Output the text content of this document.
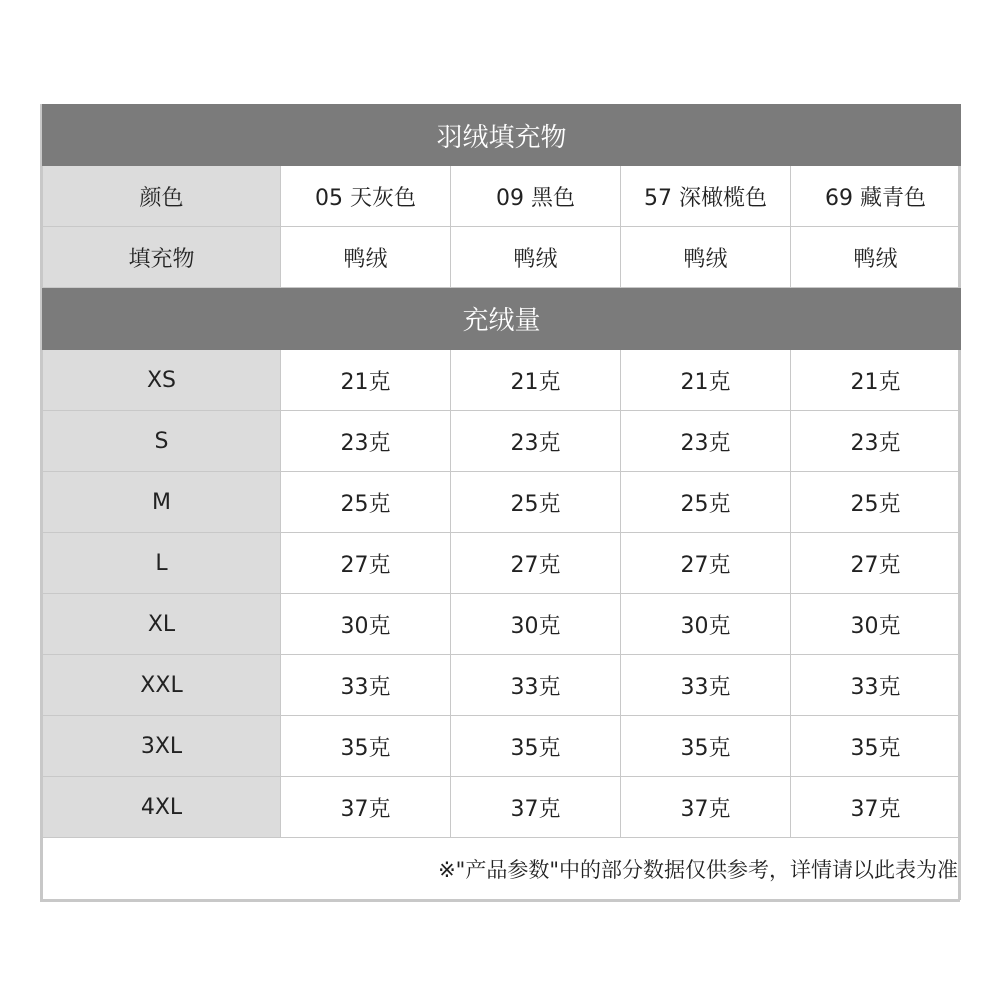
羽绒填充物				
颜色	05 天灰色	09 黑色	57 深橄榄色	69 藏青色
填充物	鸭绒	鸭绒	鸭绒	鸭绒
充绒量				
XS	21克	21克	21克	21克
S	23克	23克	23克	23克
M	25克	25克	25克	25克
L	27克	27克	27克	27克
XL	30克	30克	30克	30克
XXL	33克	33克	33克	33克
3XL	35克	35克	35克	35克
4XL	37克	37克	37克	37克
※"产品参数"中的部分数据仅供参考，详情请以此表为准				
